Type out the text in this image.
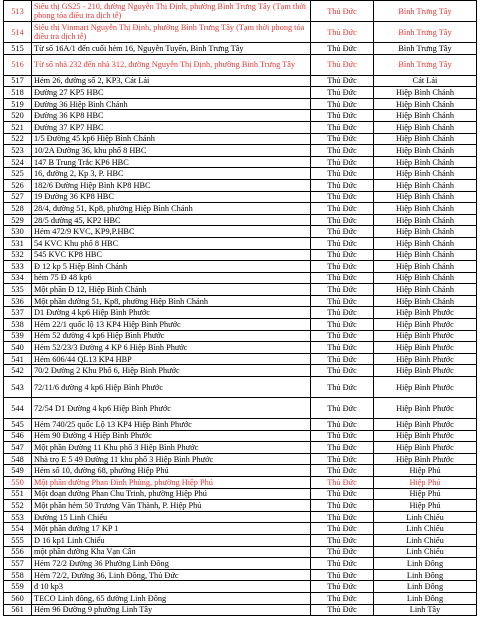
513	Siêu thị GS25 - 210, đường Nguyễn Thị Định, phường Bình Trưng Tây (Tạm thời phong tỏa điều tra dịch tễ)	Thủ Đức	Bình Trưng Tây
514	Siêu thị Vinmart Nguyễn Thị Định, phường Bình Trưng Tây (Tạm thời phong tỏa điều tra dịch tễ)	Thủ Đức	Bình Trưng Tây
515	Từ số 16A/1 đến cuối hẻm 16, Nguyễn Tuyển, Bình Trưng Tây	Thủ Đức	Bình Trưng Tây
516	Từ số nhà 232 đến nhà 312, đường Nguyễn Thị Định, phường Bình Trưng Tây	Thủ Đức	Bình Trưng Tây
517	Hẻm 26, đường số 2, KP3, Cát Lái	Thủ Đức	Cát Lái
518	Đường 27 KP5 HBC	Thủ Đức	Hiệp Bình Chánh
519	Đường 36 Hiệp Bình Chánh	Thủ Đức	Hiệp Bình Chánh
520	Đường 36 KP8 HBC	Thủ Đức	Hiệp Bình Chánh
521	Đường 37 KP7 HBC	Thủ Đức	Hiệp Bình Chánh
522	1/5 Đường 45 kp6 Hiệp Bình Chánh	Thủ Đức	Hiệp Bình Chánh
523	10/2A Đường 36, khu phố 8 HBC	Thủ Đức	Hiệp Bình Chánh
524	147 B Trung Trắc KP6 HBC	Thủ Đức	Hiệp Bình Chánh
525	16, đường 2, Kp 3, P. HBC	Thủ Đức	Hiệp Bình Chánh
526	182/6 Đường Hiệp Bình KP8 HBC	Thủ Đức	Hiệp Bình Chánh
527	19 Đường 36 KP8 HBC	Thủ Đức	Hiệp Bình Chánh
528	28/4, đường 51, Kp8, phường Hiệp Bình Chánh	Thủ Đức	Hiệp Bình Chánh
529	28/5 đường 45, KP2 HBC	Thủ Đức	Hiệp Bình Chánh
530	Hẻm 472/9 KVC, KP9,P.HBC	Thủ Đức	Hiệp Bình Chánh
531	54 KVC Khu phố 8 HBC	Thủ Đức	Hiệp Bình Chánh
532	545 KVC KP8 HBC	Thủ Đức	Hiệp Bình Chánh
533	Đ 12 kp 5 Hiệp Bình Chánh	Thủ Đức	Hiệp Bình Chánh
534	hẻm 75 Đ 48 kp6	Thủ Đức	Hiệp Bình Chánh
535	Một phần Đ 12, Hiệp Bình Chánh	Thủ Đức	Hiệp Bình Chánh
536	Một phần đường 51, Kp8, phường Hiệp Bình Chánh	Thủ Đức	Hiệp Bình Chánh
537	D1 Đường 4 kp6 Hiệp Bình Phước	Thủ Đức	Hiệp Bình Phước
538	Hẻm 22/1 quốc lộ 13 KP4 Hiệp Bình Phước	Thủ Đức	Hiệp Bình Phước
539	Hẻm 52 đường 4 kp6 Hiệp Bình Phước	Thủ Đức	Hiệp Bình Phước
540	Hẻm 52/23/3 Đường 4 KP 6 Hiệp Bình Phước	Thủ Đức	Hiệp Bình Phước
541	Hẻm 606/44 QL13 KP4 HBP	Thủ Đức	Hiệp Bình Phước
542	70/2 Đường 2 Khu Phố 6, Hiệp Bình Phước	Thủ Đức	Hiệp Bình Phước
543	72/11/6 đường 4 kp6 Hiệp Bình Phước	Thủ Đức	Hiệp Bình Phước
544	72/54 D1 Đường 4 kp6 Hiệp Bình Phước	Thủ Đức	Hiệp Bình Phước
545	Hẻm 740/25 quốc Lộ 13 KP4 Hiệp Bình Phước	Thủ Đức	Hiệp Bình Phước
546	Hẻm 90 Đường 4 Hiệp Bình Phước	Thủ Đức	Hiệp Bình Phước
547	Một phần Đường 11 Khu phố 3 Hiệp Bình Phước	Thủ Đức	Hiệp Bình Phước
548	Nhà trọ E 5 49 Đường 11 khu phố 3 Hiệp Bình Phước	Thủ Đức	Hiệp Bình Phước
549	Hẻm số 10, đường 68, phường Hiệp Phú	Thủ Đức	Hiệp Phú
550	Một phần đường Phan Đình Phùng, phường Hiệp Phú	Thủ Đức	Hiệp Phú
551	Một đoạn đường Phan Chu Trinh, phường Hiệp Phú	Thủ Đức	Hiệp Phú
552	Một phần hẻm 50 Trương Văn Thành, P. Hiệp Phú	Thủ Đức	Hiệp Phú
553	Đường 15 Linh Chiểu	Thủ Đức	Linh Chiểu
554	Một phần đường 17 KP 1	Thủ Đức	Linh Chiểu
555	D 16 kp1 Linh Chiểu	Thủ Đức	Linh Chiểu
556	một phần đường Kha Vạn Cân	Thủ Đức	Linh Chiểu
557	Hẻm 72/2 Đường 36 Phường Linh Đông	Thủ Đức	Linh Đông
558	Hẻm 72/2, Đường 36, Linh Đông, Thủ Đức	Thủ Đức	Linh Đông
559	đ 10 kp3	Thủ Đức	Linh Đông
560	TECO Linh đông, 65 đường Linh Đông	Thủ Đức	Linh Đông
561	Hẻm 96 Đường 9 phường Linh Tây	Thủ Đức	Linh Tây
